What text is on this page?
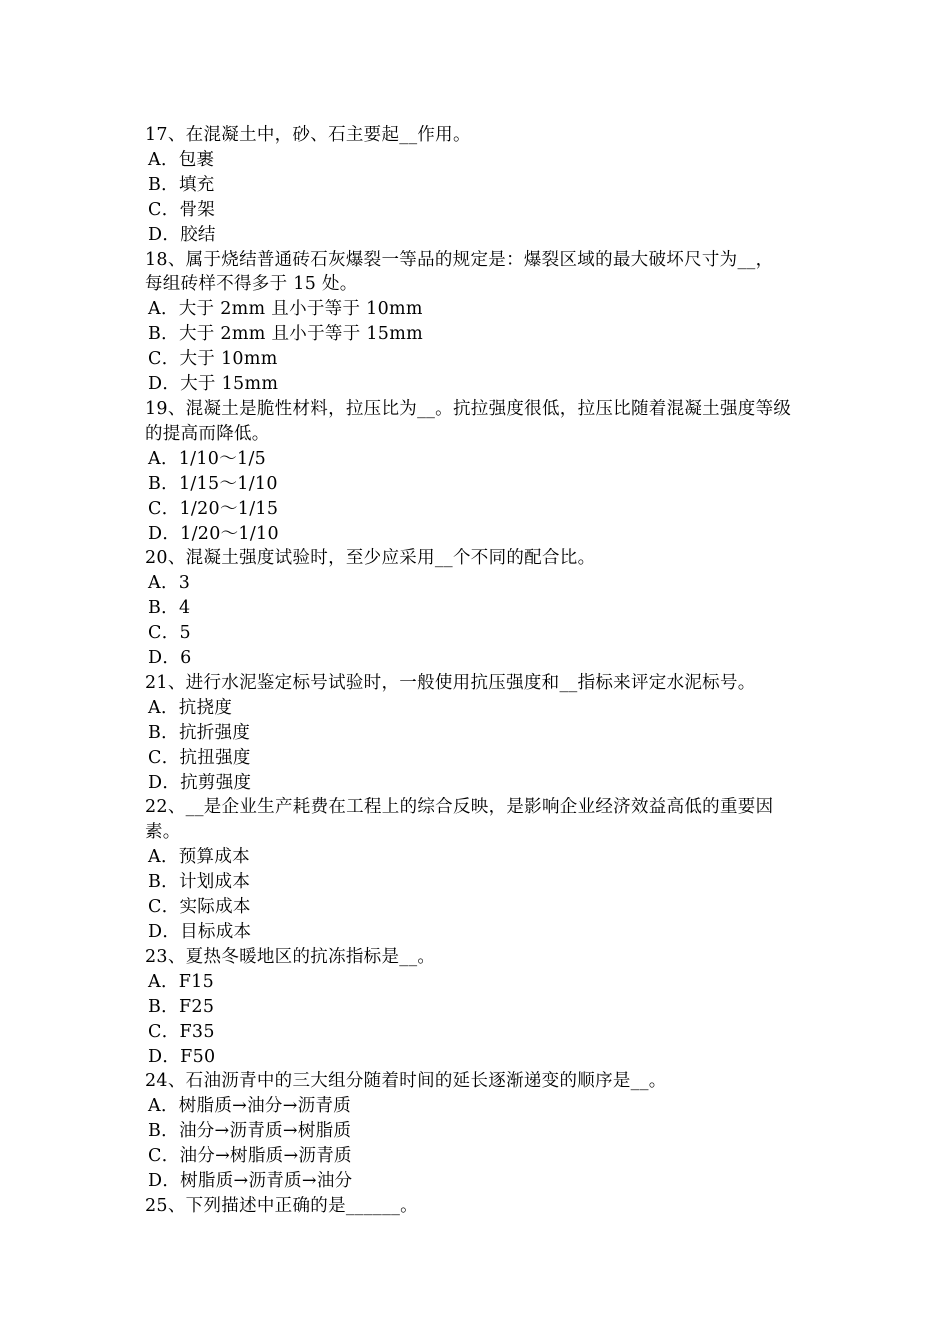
17、在混凝土中，砂、石主要起__作用。
A．包裹
B．填充
C．骨架
D．胶结
18、属于烧结普通砖石灰爆裂一等品的规定是：爆裂区域的最大破坏尺寸为__，
每组砖样不得多于 15 处。
A．大于 2mm 且小于等于 10mm
B．大于 2mm 且小于等于 15mm
C．大于 10mm
D．大于 15mm
19、混凝土是脆性材料，拉压比为__。抗拉强度很低，拉压比随着混凝土强度等级
的提高而降低。
A．1/10～1/5
B．1/15～1/10
C．1/20～1/15
D．1/20～1/10
20、混凝土强度试验时，至少应采用__个不同的配合比。
A．3
B．4
C．5
D．6
21、进行水泥鉴定标号试验时，一般使用抗压强度和__指标来评定水泥标号。
A．抗挠度
B．抗折强度
C．抗扭强度
D．抗剪强度
22、__是企业生产耗费在工程上的综合反映，是影响企业经济效益高低的重要因
素。
A．预算成本
B．计划成本
C．实际成本
D．目标成本
23、夏热冬暖地区的抗冻指标是__。
A．F15
B．F25
C．F35
D．F50
24、石油沥青中的三大组分随着时间的延长逐渐递变的顺序是__。
A．树脂质→油分→沥青质
B．油分→沥青质→树脂质
C．油分→树脂质→沥青质
D．树脂质→沥青质→油分
25、下列描述中正确的是______。
